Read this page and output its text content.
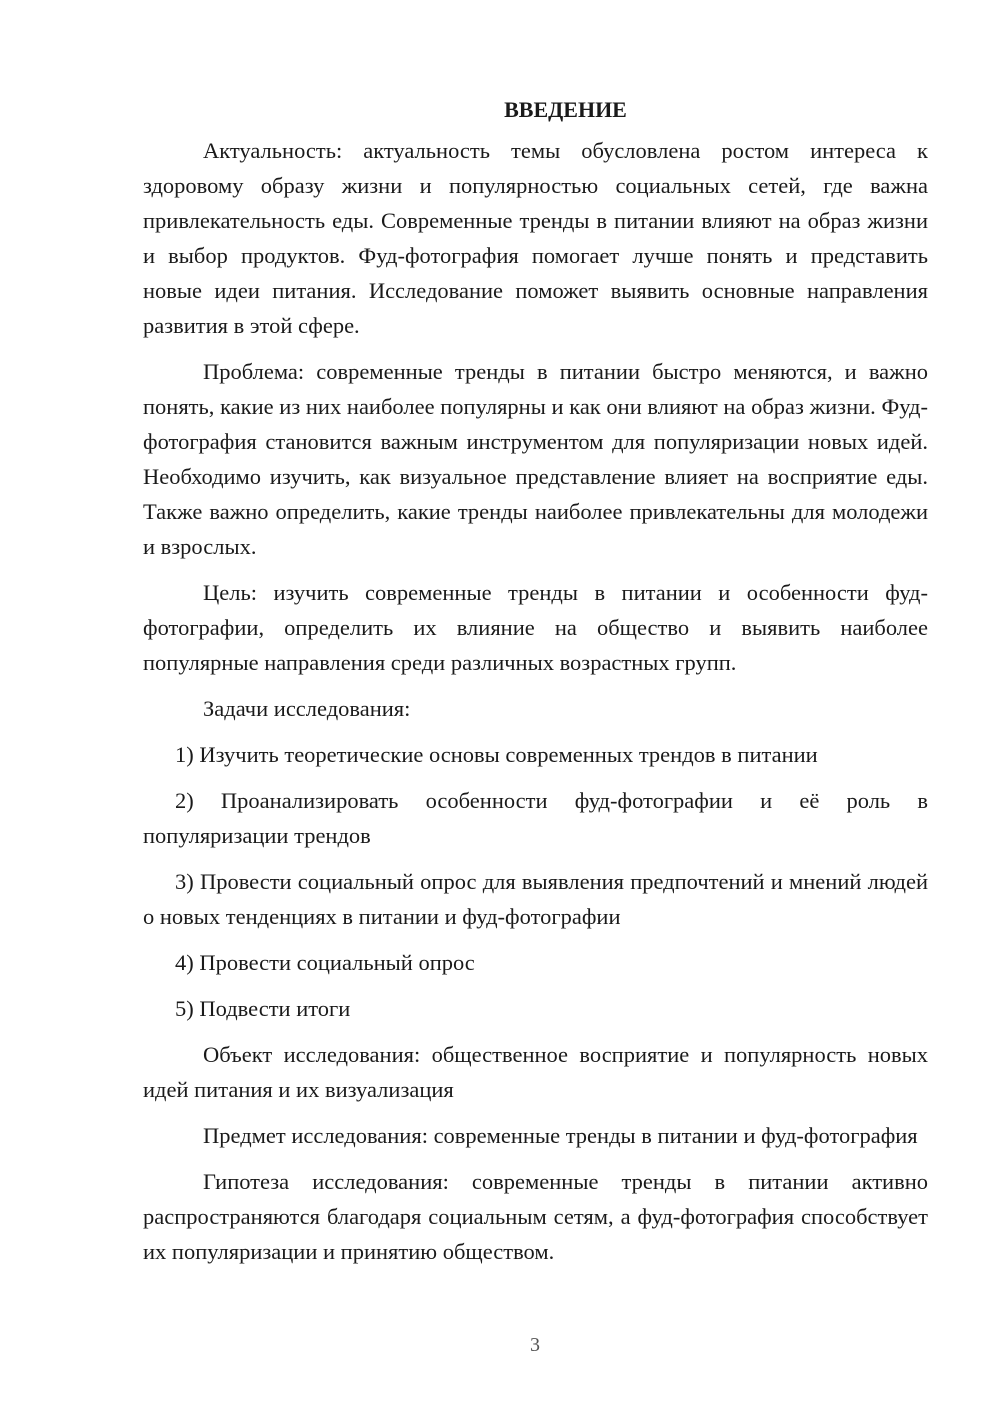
ВВЕДЕНИЕ

Актуальность: актуальность темы обусловлена ростом интереса к здоровому образу жизни и популярностью социальных сетей, где важна привлекательность еды. Современные тренды в питании влияют на образ жизни и выбор продуктов. Фуд-фотография помогает лучше понять и представить новые идеи питания. Исследование поможет выявить основные направления развития в этой сфере.

Проблема: современные тренды в питании быстро меняются, и важно понять, какие из них наиболее популярны и как они влияют на образ жизни. Фуд-фотография становится важным инструментом для популяризации новых идей. Необходимо изучить, как визуальное представление влияет на восприятие еды. Также важно определить, какие тренды наиболее привлекательны для молодежи и взрослых.

Цель: изучить современные тренды в питании и особенности фуд-фотографии, определить их влияние на общество и выявить наиболее популярные направления среди различных возрастных групп.

Задачи исследования:

1) Изучить теоретические основы современных трендов в питании

2) Проанализировать особенности фуд-фотографии и её роль в популяризации трендов

3) Провести социальный опрос для выявления предпочтений и мнений людей о новых тенденциях в питании и фуд-фотографии

4) Провести социальный опрос

5) Подвести итоги

Объект исследования: общественное восприятие и популярность новых идей питания и их визуализация

Предмет исследования: современные тренды в питании и фуд-фотография

Гипотеза исследования: современные тренды в питании активно распространяются благодаря социальным сетям, а фуд-фотография способствует их популяризации и принятию обществом.

3
